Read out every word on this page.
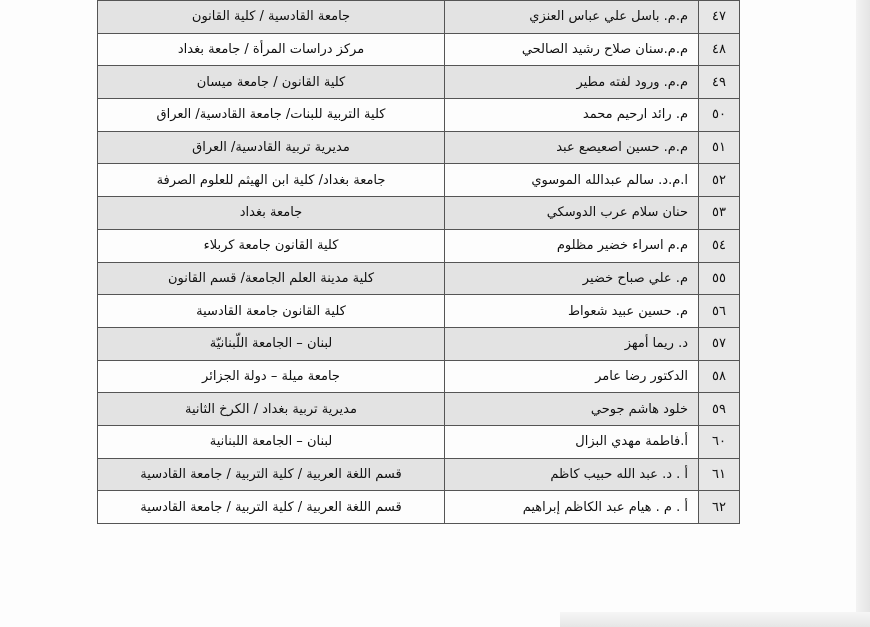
٤٧	م.م. باسل علي عباس العنزي	جامعة القادسية / كلية القانون
٤٨	م.م.سنان صلاح رشيد الصالحي	مركز دراسات المرأة / جامعة بغداد
٤٩	م.م. ورود لفته مطير	كلية القانون / جامعة ميسان
٥٠	م. رائد ارحيم محمد	كلية التربية للبنات/ جامعة القادسية/ العراق
٥١	م.م. حسين اصعيصع عبد	مديرية تربية القادسية/ العراق
٥٢	ا.م.د. سالم عبدالله الموسوي	جامعة بغداد/ كلية ابن الهيثم للعلوم الصرفة
٥٣	حنان سلام عرب الدوسكي	جامعة بغداد
٥٤	م.م اسراء خضير مظلوم	كلية القانون جامعة كربلاء
٥٥	م. علي صباح خضير	كلية مدينة العلم الجامعة/ قسم القانون
٥٦	م. حسين عبيد شعواط	كلية القانون جامعة القادسية
٥٧	د. ريما أمهز	لبنان – الجامعة اللّبنانيّة
٥٨	الدكتور رضا عامر	جامعة ميلة – دولة الجزائر
٥٩	خلود هاشم جوحي	مديرية تربية بغداد / الكرخ الثانية
٦٠	أ.فاطمة مهدي البزال	لبنان – الجامعة اللبنانية
٦١	أ . د. عبد الله حبيب كاظم	قسم اللغة العربية / كلية التربية / جامعة القادسية
٦٢	أ . م . هيام عبد الكاظم إبراهيم	قسم اللغة العربية / كلية التربية / جامعة القادسية
